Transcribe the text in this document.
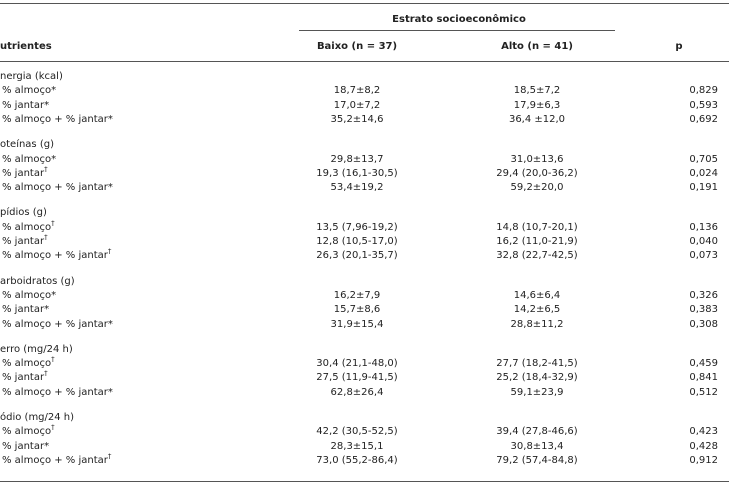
Estrato socioeconômico
utrientes	Baixo (n = 37)	Alto (n = 41)	p
nergia (kcal)
% almoço*	18,7±8,2	18,5±7,2	0,829
% jantar*	17,0±7,2	17,9±6,3	0,593
% almoço + % jantar*	35,2±14,6	36,4 ±12,0	0,692
oteínas (g)
% almoço*	29,8±13,7	31,0±13,6	0,705
% jantar†	19,3 (16,1-30,5)	29,4 (20,0-36,2)	0,024
% almoço + % jantar*	53,4±19,2	59,2±20,0	0,191
pídios (g)
% almoço†	13,5 (7,96-19,2)	14,8 (10,7-20,1)	0,136
% jantar†	12,8 (10,5-17,0)	16,2 (11,0-21,9)	0,040
% almoço + % jantar†	26,3 (20,1-35,7)	32,8 (22,7-42,5)	0,073
arboidratos (g)
% almoço*	16,2±7,9	14,6±6,4	0,326
% jantar*	15,7±8,6	14,2±6,5	0,383
% almoço + % jantar*	31,9±15,4	28,8±11,2	0,308
erro (mg/24 h)
% almoço†	30,4 (21,1-48,0)	27,7 (18,2-41,5)	0,459
% jantar†	27,5 (11,9-41,5)	25,2 (18,4-32,9)	0,841
% almoço + % jantar*	62,8±26,4	59,1±23,9	0,512
ódio (mg/24 h)
% almoço†	42,2 (30,5-52,5)	39,4 (27,8-46,6)	0,423
% jantar*	28,3±15,1	30,8±13,4	0,428
% almoço + % jantar†	73,0 (55,2-86,4)	79,2 (57,4-84,8)	0,912
